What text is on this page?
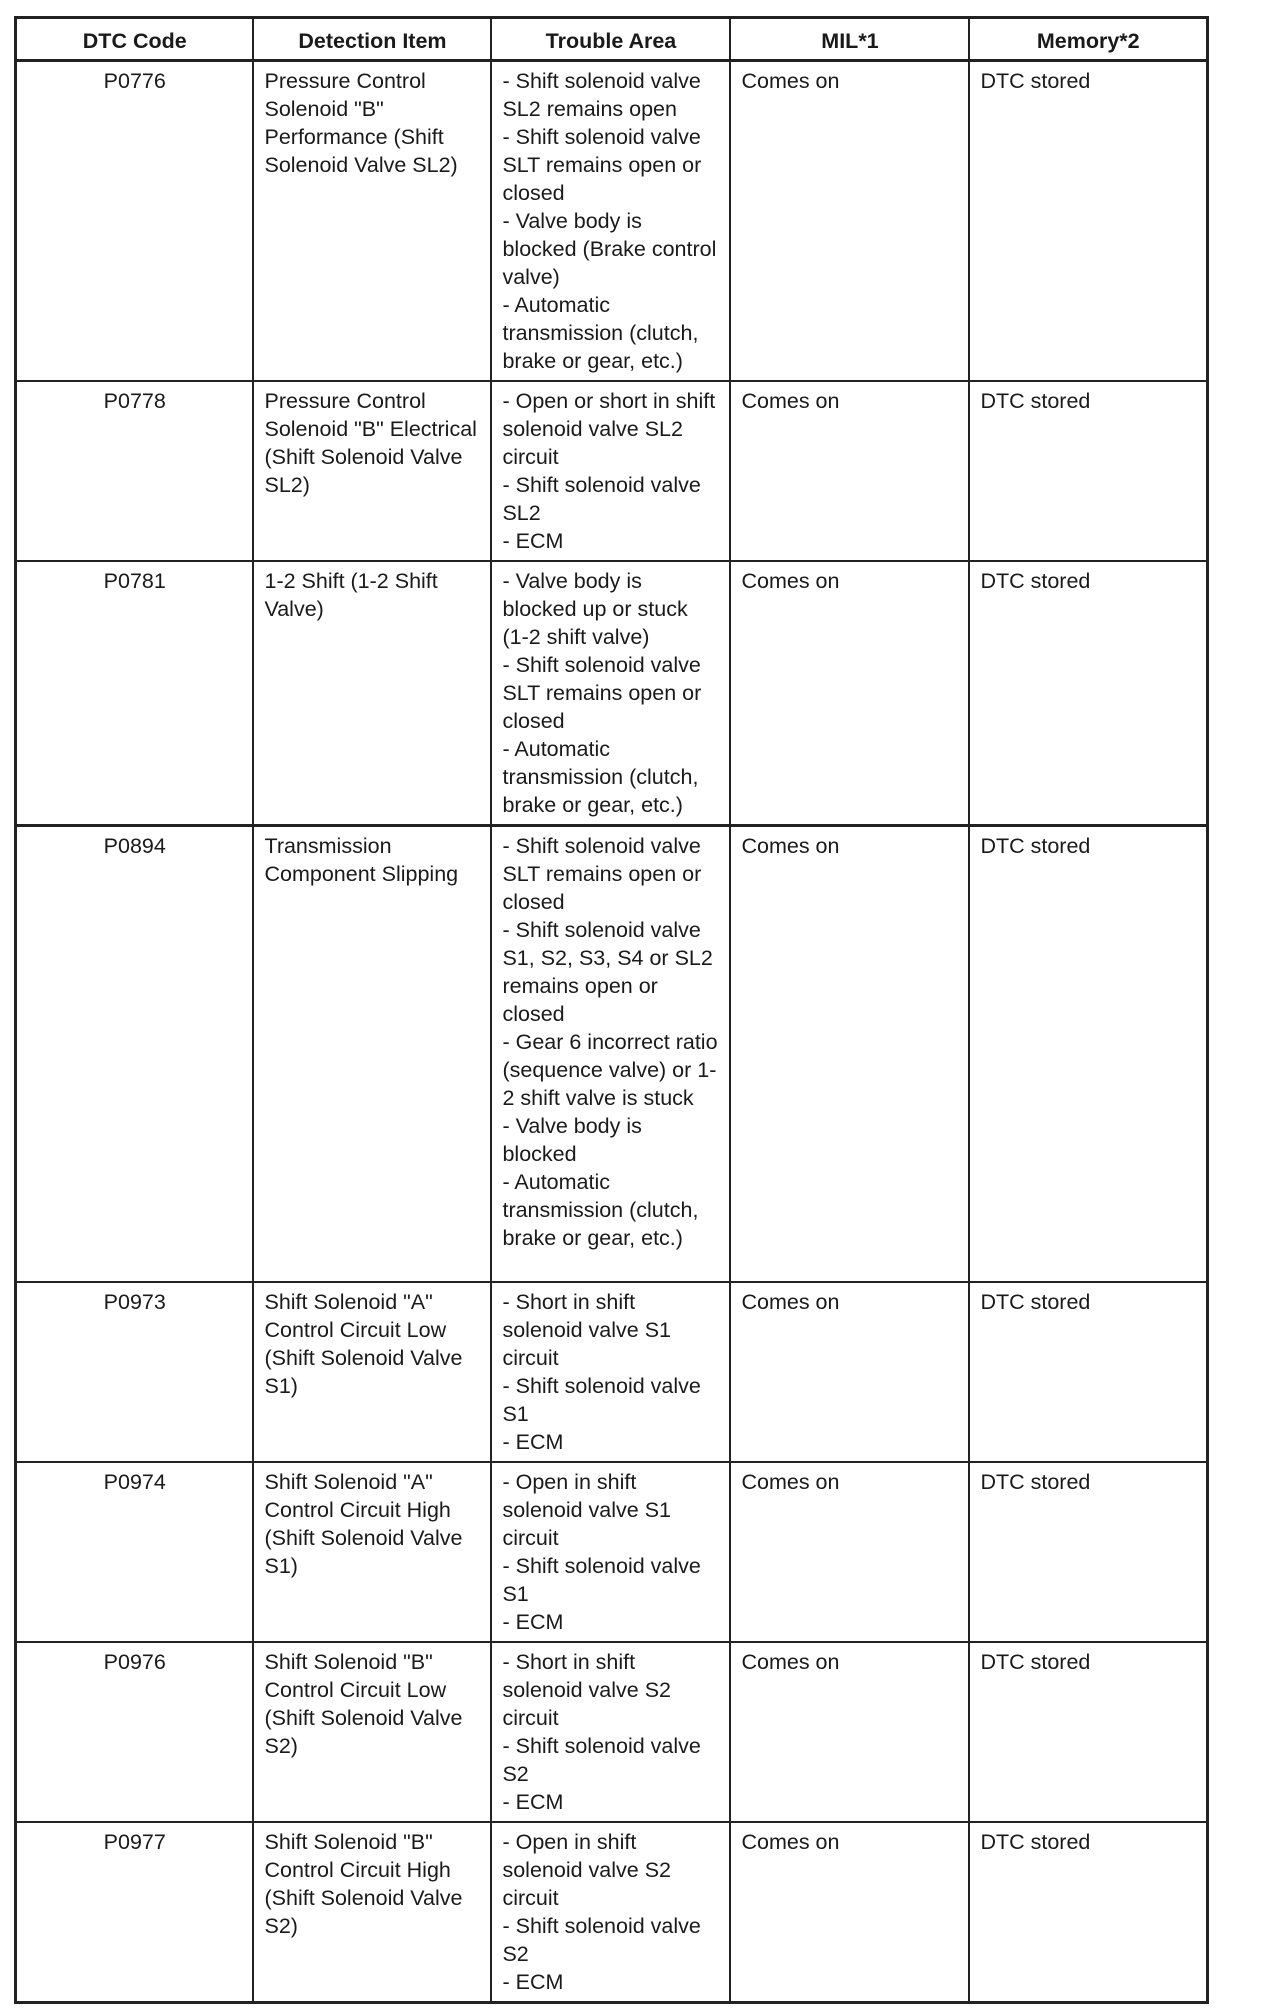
DTC Code	Detection Item	Trouble Area	MIL*1	Memory*2
P0776	Pressure Control Solenoid "B" Performance (Shift Solenoid Valve SL2)	- Shift solenoid valve SL2 remains open
- Shift solenoid valve SLT remains open or closed
- Valve body is blocked (Brake control valve)
- Automatic transmission (clutch, brake or gear, etc.)	Comes on	DTC stored
P0778	Pressure Control Solenoid "B" Electrical (Shift Solenoid Valve SL2)	- Open or short in shift solenoid valve SL2 circuit
- Shift solenoid valve SL2
- ECM	Comes on	DTC stored
P0781	1-2 Shift (1-2 Shift Valve)	- Valve body is blocked up or stuck (1-2 shift valve)
- Shift solenoid valve SLT remains open or closed
- Automatic transmission (clutch, brake or gear, etc.)	Comes on	DTC stored
P0894	Transmission Component Slipping	- Shift solenoid valve SLT remains open or closed
- Shift solenoid valve S1, S2, S3, S4 or SL2 remains open or closed
- Gear 6 incorrect ratio (sequence valve) or 1-2 shift valve is stuck
- Valve body is blocked
- Automatic transmission (clutch, brake or gear, etc.)	Comes on	DTC stored
P0973	Shift Solenoid "A" Control Circuit Low (Shift Solenoid Valve S1)	- Short in shift solenoid valve S1 circuit
- Shift solenoid valve S1
- ECM	Comes on	DTC stored
P0974	Shift Solenoid "A" Control Circuit High (Shift Solenoid Valve S1)	- Open in shift solenoid valve S1 circuit
- Shift solenoid valve S1
- ECM	Comes on	DTC stored
P0976	Shift Solenoid "B" Control Circuit Low (Shift Solenoid Valve S2)	- Short in shift solenoid valve S2 circuit
- Shift solenoid valve S2
- ECM	Comes on	DTC stored
P0977	Shift Solenoid "B" Control Circuit High (Shift Solenoid Valve S2)	- Open in shift solenoid valve S2 circuit
- Shift solenoid valve S2
- ECM	Comes on	DTC stored
